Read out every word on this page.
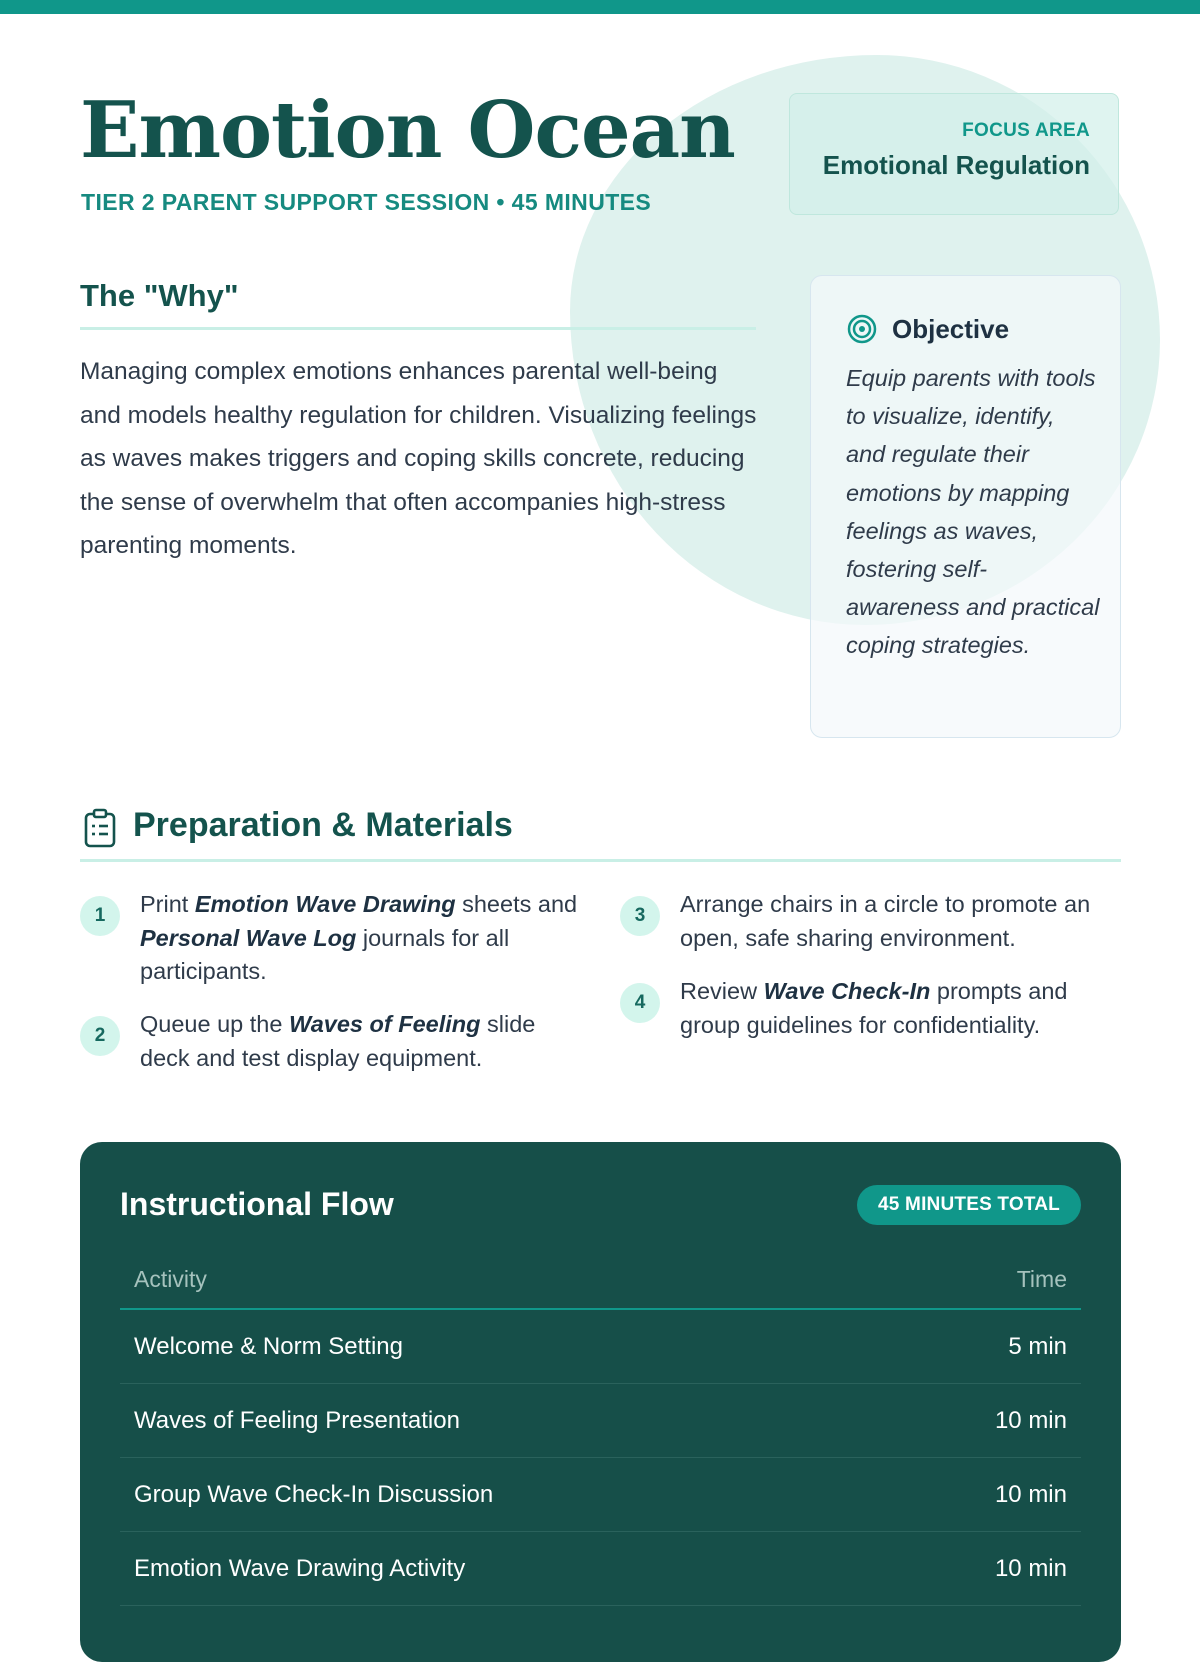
Emotion Ocean
TIER 2 PARENT SUPPORT SESSION • 45 MINUTES
FOCUS AREA
Emotional Regulation
The "Why"

Managing complex emotions enhances parental well-being and models healthy regulation for children. Visualizing feelings as waves makes triggers and coping skills concrete, reducing the sense of overwhelm that often accompanies high-stress parenting moments.

Objective

Equip parents with tools to visualize, identify, and regulate their emotions by mapping feelings as waves, fostering self-awareness and practical coping strategies.

Preparation & Materials
1	Print Emotion Wave Drawing sheets and Personal Wave Log journals for all participants.
2	Queue up the Waves of Feeling slide deck and test display equipment.
3	Arrange chairs in a circle to promote an open, safe sharing environment.
4	Review Wave Check-In prompts and group guidelines for confidentiality.
Instructional Flow	45 MINUTES TOTAL
Activity	Time
Welcome & Norm Setting	5 min
Waves of Feeling Presentation	10 min
Group Wave Check-In Discussion	10 min
Emotion Wave Drawing Activity	10 min
